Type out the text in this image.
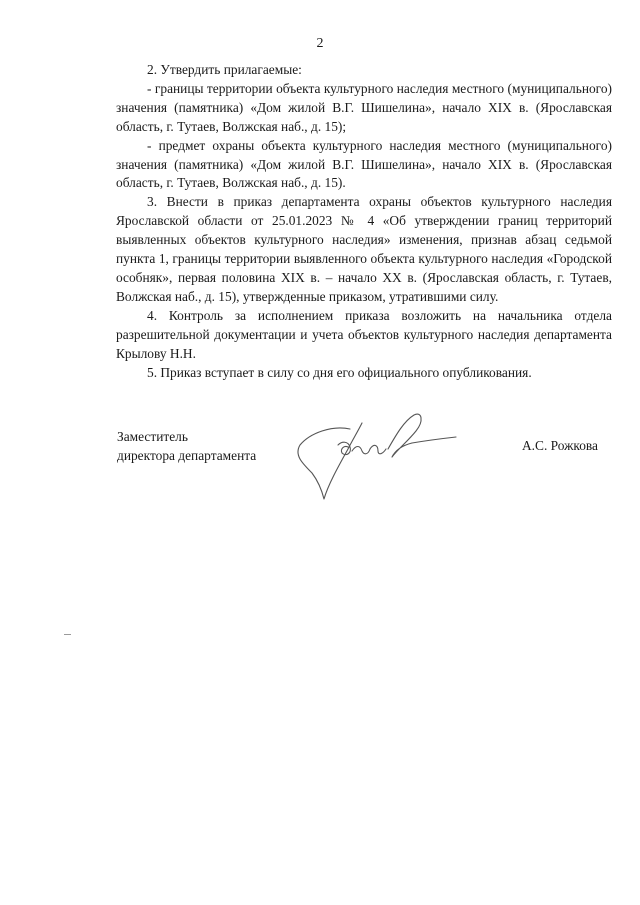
2

2. Утвердить прилагаемые:

- границы территории объекта культурного наследия местного (муниципального) значения (памятника) «Дом жилой В.Г. Шишелина», начало XIX в. (Ярославская область, г. Тутаев, Волжская наб., д. 15);

- предмет охраны объекта культурного наследия местного (муниципального) значения (памятника) «Дом жилой В.Г. Шишелина», начало XIX в. (Ярославская область, г. Тутаев, Волжская наб., д. 15).

3. Внести в приказ департамента охраны объектов культурного наследия Ярославской области от 25.01.2023 № 4 «Об утверждении границ территорий выявленных объектов культурного наследия» изменения, признав абзац седьмой пункта 1, границы территории выявленного объекта культурного наследия «Городской особняк», первая половина XIX в. – начало XX в. (Ярославская область, г. Тутаев, Волжская наб., д. 15), утвержденные приказом, утратившими силу.

4. Контроль за исполнением приказа возложить на начальника отдела разрешительной документации и учета объектов культурного наследия департамента Крылову Н.Н.

5. Приказ вступает в силу со дня его официального опубликования.

Заместитель
директора департамента
А.С. Рожкова
